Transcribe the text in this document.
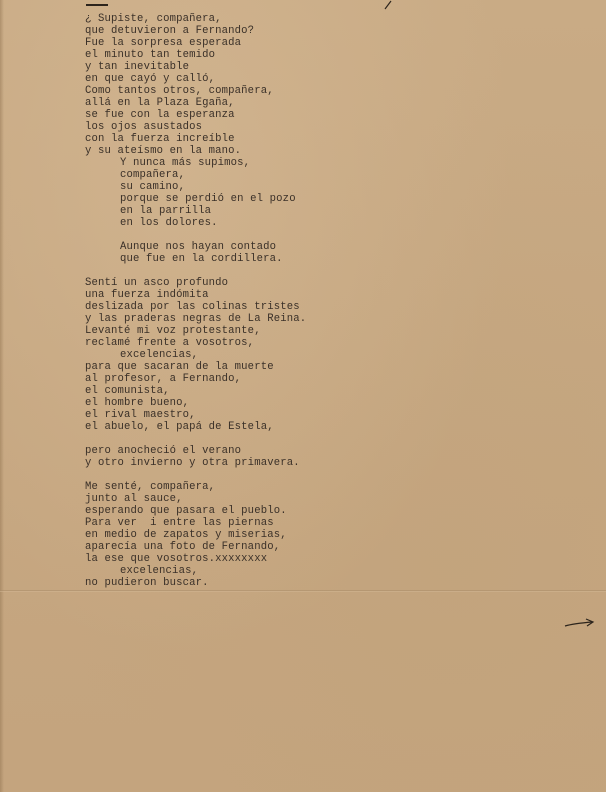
¿ Supiste, compañera,
que detuvieron a Fernando?
Fue la sorpresa esperada
el minuto tan temido
y tan inevitable
en que cayó y calló,
Como tantos otros, compañera,
allá en la Plaza Egaña,
se fue con la esperanza
los ojos asustados
con la fuerza increíble
y su ateísmo en la mano.
Y nunca más supimos,
compañera,
su camino,
porque se perdió en el pozo
en la parrilla
en los dolores.
Aunque nos hayan contado
que fue en la cordillera.
Sentí un asco profundo
una fuerza indómita
deslizada por las colinas tristes
y las praderas negras de La Reina.
Levanté mi voz protestante,
reclamé frente a vosotros,
excelencias,
para que sacaran de la muerte
al profesor, a Fernando,
el comunista,
el hombre bueno,
el rival maestro,
el abuelo, el papá de Estela,
pero anocheció el verano
y otro invierno y otra primavera.
Me senté, compañera,
junto al sauce,
esperando que pasara el pueblo.
Para ver  i entre las piernas
en medio de zapatos y miserias,
aparecía una foto de Fernando,
la ese que vosotros.xxxxxxxx
excelencias,
no pudieron buscar.
